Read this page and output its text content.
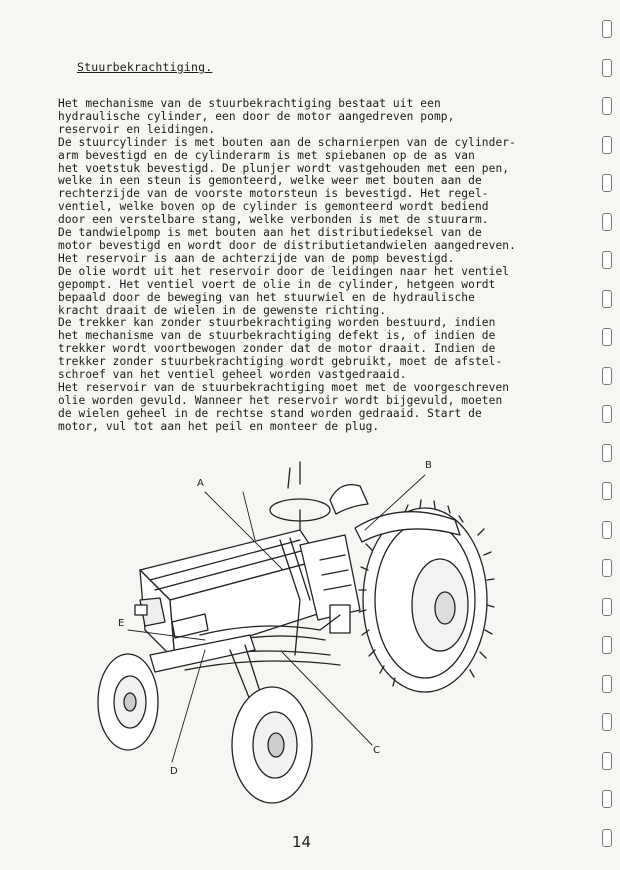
Stuurbekrachtiging.
Het mechanisme van de stuurbekrachtiging bestaat uit een
hydraulische cylinder, een door de motor aangedreven pomp,
reservoir en leidingen.
De stuurcylinder is met bouten aan de scharnierpen van de cylinder-
arm bevestigd en de cylinderarm is met spiebanen op de as van
het voetstuk bevestigd. De plunjer wordt vastgehouden met een pen,
welke in een steun is gemonteerd, welke weer met bouten aan de
rechterzijde van de voorste motorsteun is bevestigd. Het regel-
ventiel, welke boven op de cylinder is gemonteerd wordt bediend
door een verstelbare stang, welke verbonden is met de stuurarm.
De tandwielpomp is met bouten aan het distributiedeksel van de
motor bevestigd en wordt door de distributietandwielen aangedreven.
Het reservoir is aan de achterzijde van de pomp bevestigd.
De olie wordt uit het reservoir door de leidingen naar het ventiel
gepompt. Het ventiel voert de olie in de cylinder, hetgeen wordt
bepaald door de beweging van het stuurwiel en de hydraulische
kracht draait de wielen in de gewenste richting.
De trekker kan zonder stuurbekrachtiging worden bestuurd, indien
het mechanisme van de stuurbekrachtiging defekt is, of indien de
trekker wordt voortbewogen zonder dat de motor draait. Indien de
trekker zonder stuurbekrachtiging wordt gebruikt, moet de afstel-
schroef van het ventiel geheel worden vastgedraaid.
Het reservoir van de stuurbekrachtiging moet met de voorgeschreven
olie worden gevuld. Wanneer het reservoir wordt bijgevuld, moeten
de wielen geheel in de rechtse stand worden gedraaid. Start de
motor, vul tot aan het peil en monteer de plug.
A
B
C
D
E
14
